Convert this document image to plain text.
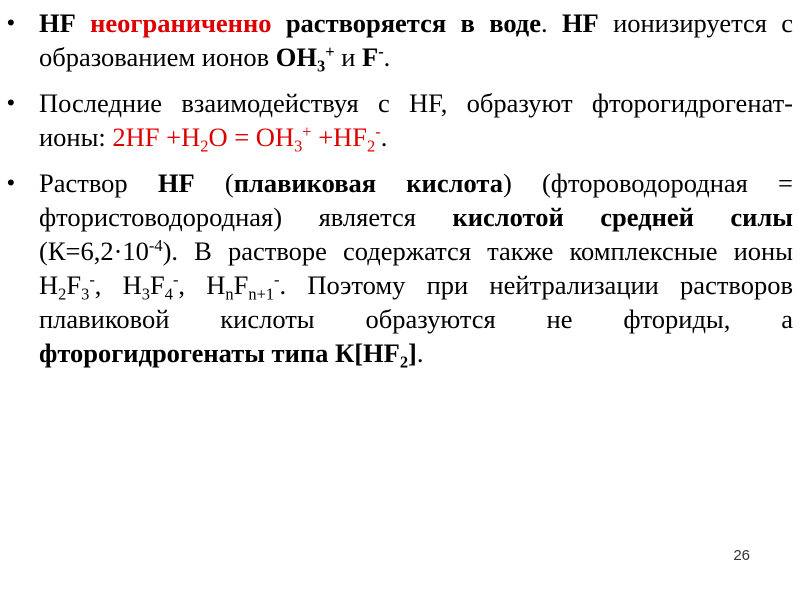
• HF неограниченно растворяется в воде. HF ионизируется с образованием ионов $OH_3^+$ и F-.
• Последние взаимодействуя с HF, образуют фторогидрогенат-ионы: $2HF +H_2O = OH_3^+ +HF_2^-$.
• Раствор HF (плавиковая кислота) (фтороводородная = фтористоводородная) является кислотой средней силы $(К=6,2\cdot 10^{-4})$. В растворе содержатся также комплексные ионы $H_2F_3^-$, $H_3F_4^-$, $H_nF_{n+1}^-$. Поэтому при нейтрализации растворов плавиковой кислоты образуются не фториды, а фторогидрогенаты типа $К[HF_2]$.
26
